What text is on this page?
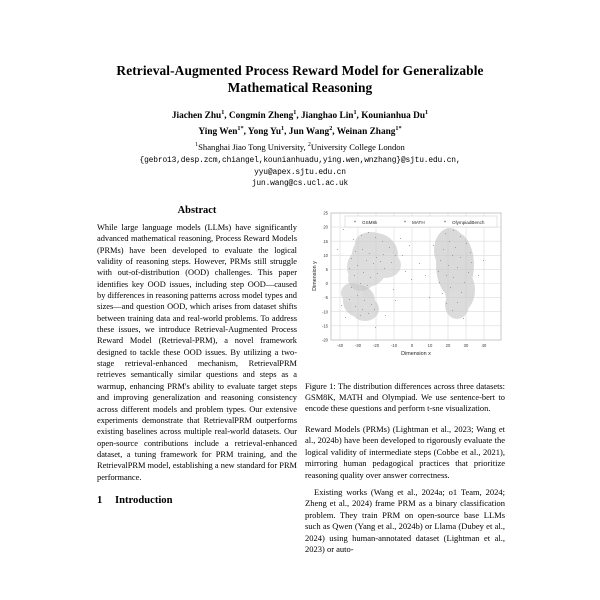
Retrieval-Augmented Process Reward Model for Generalizable Mathematical Reasoning
Jiachen Zhu$^1$, Congmin Zheng$^1$, Jianghao Lin$^1$, Kounianhua Du$^1$
Ying Wen$^{1*}$, Yong Yu$^1$, Jun Wang$^2$, Weinan Zhang$^{1*}$
$^1$Shanghai Jiao Tong University, $^2$University College London
{gebro13,desp.zcm,chiangel,kounianhuadu,ying.wen,wnzhang}@sjtu.edu.cn,
yyu@apex.sjtu.edu.cn
jun.wang@cs.ucl.ac.uk
Abstract

While large language models (LLMs) have significantly advanced mathematical reasoning, Process Reward Models (PRMs) have been developed to evaluate the logical validity of reasoning steps. However, PRMs still struggle with out-of-distribution (OOD) challenges. This paper identifies key OOD issues, including step OOD—caused by differences in reasoning patterns across model types and sizes—and question OOD, which arises from dataset shifts between training data and real-world problems. To address these issues, we introduce Retrieval-Augmented Process Reward Model (Retrieval-PRM), a novel framework designed to tackle these OOD issues. By utilizing a two-stage retrieval-enhanced mechanism, RetrievalPRM retrieves semantically similar questions and steps as a warmup, enhancing PRM's ability to evaluate target steps and improving generalization and reasoning consistency across different models and problem types. Our extensive experiments demonstrate that RetrievalPRM outperforms existing baselines across multiple real-world datasets. Our open-source contributions include a retrieval-enhanced dataset, a tuning framework for PRM training, and the RetrievalPRM model, establishing a new standard for PRM performance.

1	Introduction
GSM8k	MATH	OlympiadBench
25
20
15
10
5
0
-5
-10
-15
-20
-40	-30	-20	-10	0	10	20	30	40
Dimension x
Dimension y

Figure 1: The distribution differences across three datasets: GSM8K, MATH and Olympiad. We use sentence-bert to encode these questions and perform t-sne visualization.

Reward Models (PRMs) (Lightman et al., 2023; Wang et al., 2024b) have been developed to rigorously evaluate the logical validity of intermediate steps (Cobbe et al., 2021), mirroring human pedagogical practices that prioritize reasoning quality over answer correctness.

Existing works (Wang et al., 2024a; o1 Team, 2024; Zheng et al., 2024) frame PRM as a binary classification problem. They train PRM on open-source base LLMs such as Qwen (Yang et al., 2024b) or Llama (Dubey et al., 2024) using human-annotated dataset (Lightman et al., 2023) or auto-
